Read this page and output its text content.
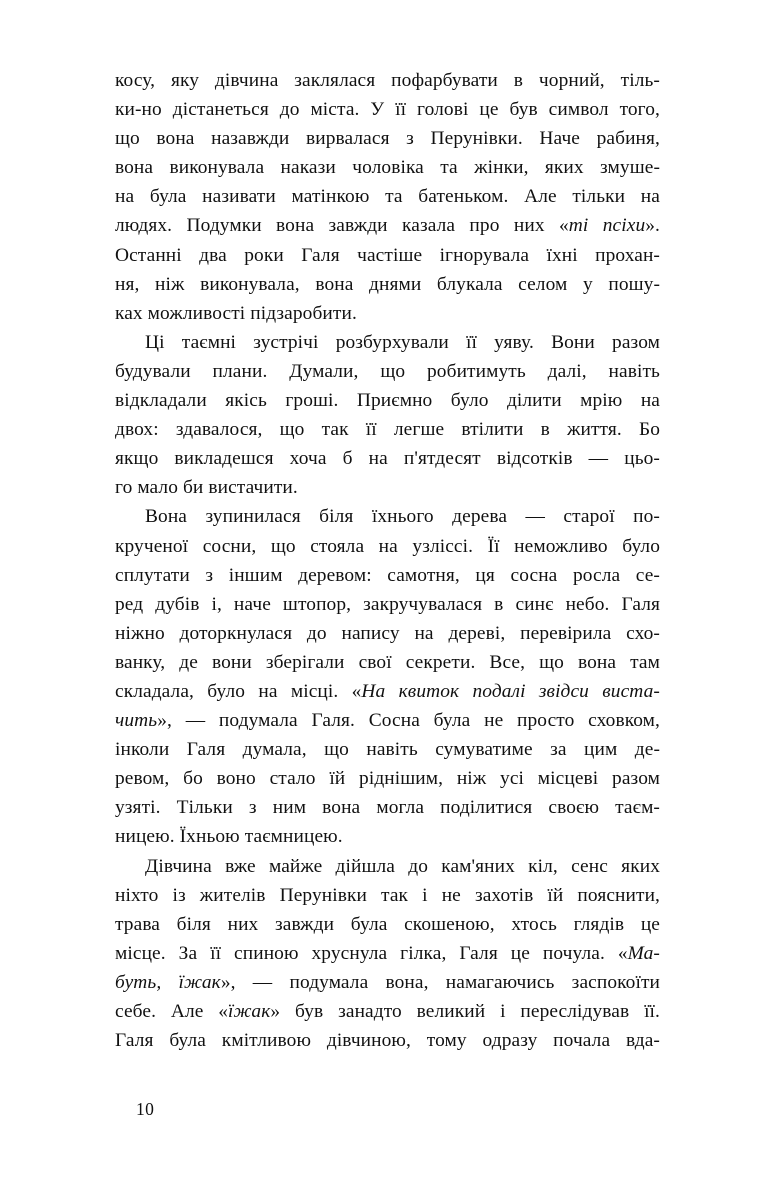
косу, яку дівчина заклялася пофарбувати в чорний, тіль-
ки-но дістанеться до міста. У її голові це був символ того,
що вона назавжди вирвалася з Перунівки. Наче рабиня,
вона виконувала накази чоловіка та жінки, яких змуше-
на була називати матінкою та батеньком. Але тільки на
людях. Подумки вона завжди казала про них «ті псіхи».
Останні два роки Галя частіше ігнорувала їхні прохан-
ня, ніж виконувала, вона днями блукала селом у пошу-
ках можливості підзаробити.
Ці таємні зустрічі розбурхували її уяву. Вони разом
будували плани. Думали, що робитимуть далі, навіть
відкладали якісь гроші. Приємно було ділити мрію на
двох: здавалося, що так її легше втілити в життя. Бо
якщо викладешся хоча б на п'ятдесят відсотків — цьо-
го мало би вистачити.
Вона зупинилася біля їхнього дерева — старої по-
крученої сосни, що стояла на узліссі. Її неможливо було
сплутати з іншим деревом: самотня, ця сосна росла се-
ред дубів і, наче штопор, закручувалася в синє небо. Галя
ніжно доторкнулася до напису на дереві, перевірила схо-
ванку, де вони зберігали свої секрети. Все, що вона там
складала, було на місці. «На квиток подалі звідси виста-
чить», — подумала Галя. Сосна була не просто сховком,
інколи Галя думала, що навіть сумуватиме за цим де-
ревом, бо воно стало їй ріднішим, ніж усі місцеві разом
узяті. Тільки з ним вона могла поділитися своєю таєм-
ницею. Їхньою таємницею.
Дівчина вже майже дійшла до кам'яних кіл, сенс яких
ніхто із жителів Перунівки так і не захотів їй пояснити,
трава біля них завжди була скошеною, хтось глядів це
місце. За її спиною хруснула гілка, Галя це почула. «Ма-
буть, їжак», — подумала вона, намагаючись заспокоїти
себе. Але «їжак» був занадто великий і переслідував її.
Галя була кмітливою дівчиною, тому одразу почала вда-
10
